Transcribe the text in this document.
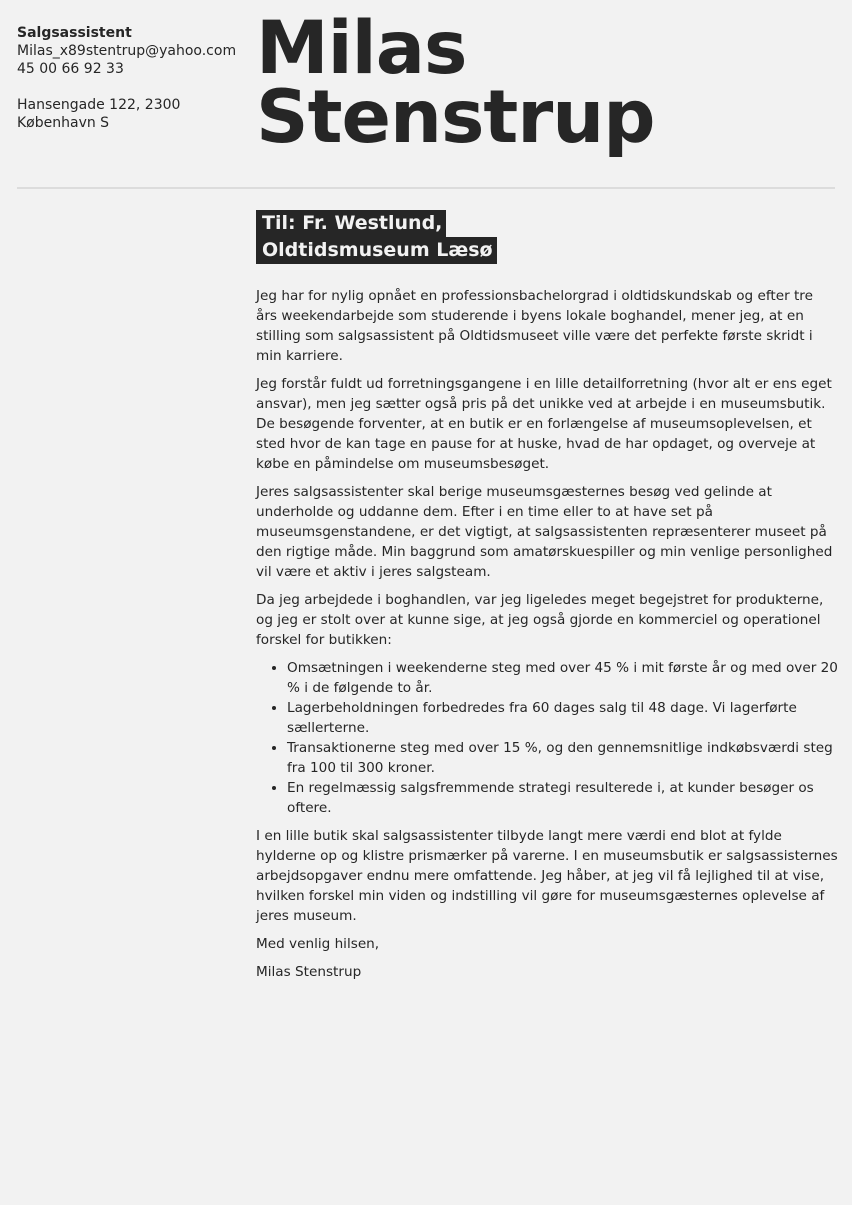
Salgsassistent
Milas_x89stentrup@yahoo.com
45 00 66 92 33
Hansengade 122, 2300
København S
Milas
Stenstrup
Til: Fr. Westlund,
Oldtidsmuseum Læsø

Jeg har for nylig opnået en professionsbachelorgrad i oldtidskundskab og efter tre års weekendarbejde som studerende i byens lokale boghandel, mener jeg, at en stilling som salgsassistent på Oldtidsmuseet ville være det perfekte første skridt i min karriere.

Jeg forstår fuldt ud forretningsgangene i en lille detailforretning (hvor alt er ens eget ansvar), men jeg sætter også pris på det unikke ved at arbejde i en museumsbutik. De besøgende forventer, at en butik er en forlængelse af museumsoplevelsen, et sted hvor de kan tage en pause for at huske, hvad de har opdaget, og overveje at købe en påmindelse om museumsbesøget.

Jeres salgsassistenter skal berige museumsgæsternes besøg ved gelinde at underholde og uddanne dem. Efter i en time eller to at have set på museumsgenstandene, er det vigtigt, at salgsassistenten repræsenterer museet på den rigtige måde. Min baggrund som amatørskuespiller og min venlige personlighed vil være et aktiv i jeres salgsteam.

Da jeg arbejdede i boghandlen, var jeg ligeledes meget begejstret for produkterne, og jeg er stolt over at kunne sige, at jeg også gjorde en kommerciel og operationel forskel for butikken:

• Omsætningen i weekenderne steg med over 45 % i mit første år og med over 20 % i de følgende to år.
• Lagerbeholdningen forbedredes fra 60 dages salg til 48 dage. Vi lagerførte sællerterne.
• Transaktionerne steg med over 15 %, og den gennemsnitlige indkøbsværdi steg fra 100 til 300 kroner.
• En regelmæssig salgsfremmende strategi resulterede i, at kunder besøger os oftere.

I en lille butik skal salgsassistenter tilbyde langt mere værdi end blot at fylde hylderne op og klistre prismærker på varerne. I en museumsbutik er salgsassisternes arbejdsopgaver endnu mere omfattende. Jeg håber, at jeg vil få lejlighed til at vise, hvilken forskel min viden og indstilling vil gøre for museumsgæsternes oplevelse af jeres museum.

Med venlig hilsen,

Milas Stenstrup
